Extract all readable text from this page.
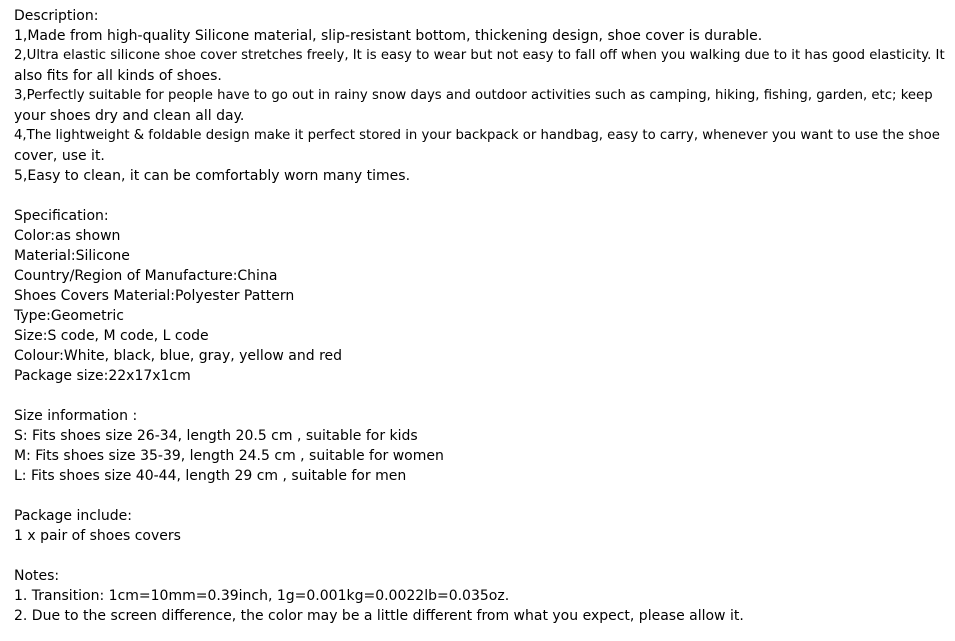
Description:
1,Made from high-quality Silicone material, slip-resistant bottom, thickening design, shoe cover is durable.
2,Ultra elastic silicone shoe cover stretches freely, It is easy to wear but not easy to fall off when you walking due to it has good elasticity. It
also fits for all kinds of shoes.
3,Perfectly suitable for people have to go out in rainy snow days and outdoor activities such as camping, hiking, fishing, garden, etc; keep
your shoes dry and clean all day.
4,The lightweight & foldable design make it perfect stored in your backpack or handbag, easy to carry, whenever you want to use the shoe
cover, use it.
5,Easy to clean, it can be comfortably worn many times.
Specification:
Color:as shown
Material:Silicone
Country/Region of Manufacture:China
Shoes Covers Material:Polyester Pattern
Type:Geometric
Size:S code, M code, L code
Colour:White, black, blue, gray, yellow and red
Package size:22x17x1cm
Size information :
S: Fits shoes size 26-34, length 20.5 cm , suitable for kids
M: Fits shoes size 35-39, length 24.5 cm , suitable for women
L: Fits shoes size 40-44, length 29 cm , suitable for men
Package include:
1 x pair of shoes covers
Notes:
1. Transition: 1cm=10mm=0.39inch, 1g=0.001kg=0.0022lb=0.035oz.
2. Due to the screen difference, the color may be a little different from what you expect, please allow it.
